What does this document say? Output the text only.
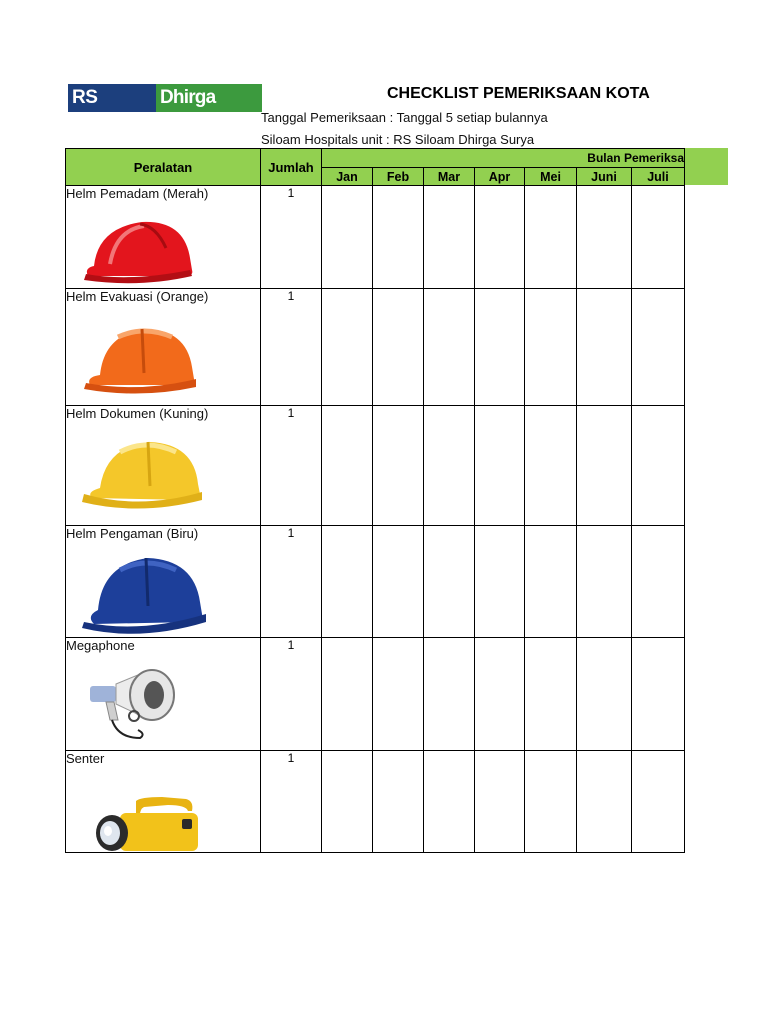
RS Siloam
Dhirga Surya
CHECKLIST PEMERIKSAAN KOTA
Tanggal Pemeriksaan : Tanggal 5 setiap bulannya
Siloam Hospitals unit : RS Siloam Dhirga Surya
Peralatan	Jumlah	Bulan Pemeriksa						
		Jan	Feb	Mar	Apr	Mei	Juni	Juli

Helm Pemadam (Merah)	1							

Helm Evakuasi (Orange)	1							

Helm Dokumen (Kuning)	1							

Helm Pengaman (Biru)	1							

Megaphone	1							

Senter	1							
